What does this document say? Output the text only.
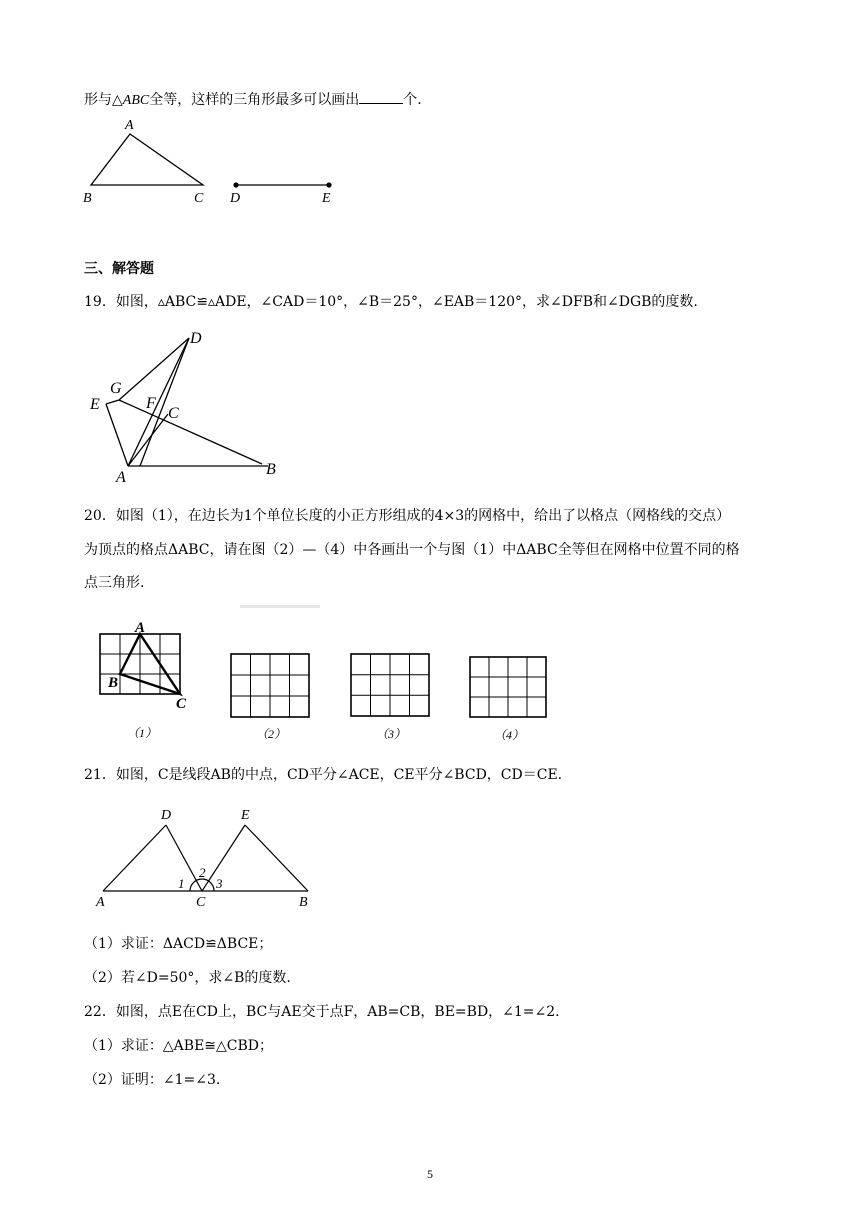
形与△ABC全等，这样的三角形最多可以画出	个.
A
B	C D	E
三、解答题
19．如图，▵ABC≌▵ADE，∠CAD＝10°，∠B＝25°，∠EAB＝120°，求∠DFB和∠DGB的度数.
D
G
E	F
C
A	B
20．如图（1），在边长为1个单位长度的小正方形组成的4×3的网格中，给出了以格点（网格线的交点）
为顶点的格点ΔABC，请在图（2）—（4）中各画出一个与图（1）中ΔABC全等但在网格中位置不同的格
点三角形.
A
B
C
（1）	（2）	（3）	（4）
21．如图，C是线段AB的中点，CD平分∠ACE，CE平分∠BCD，CD＝CE.
D	E
A	C	B
1
2
3
（1）求证：ΔACD≌ΔBCE；
（2）若∠D=50°，求∠B的度数.
22．如图，点E在CD上，BC与AE交于点F，AB=CB，BE=BD，∠1=∠2.
（1）求证：△ABE≅△CBD；
（2）证明：∠1=∠3.
5
